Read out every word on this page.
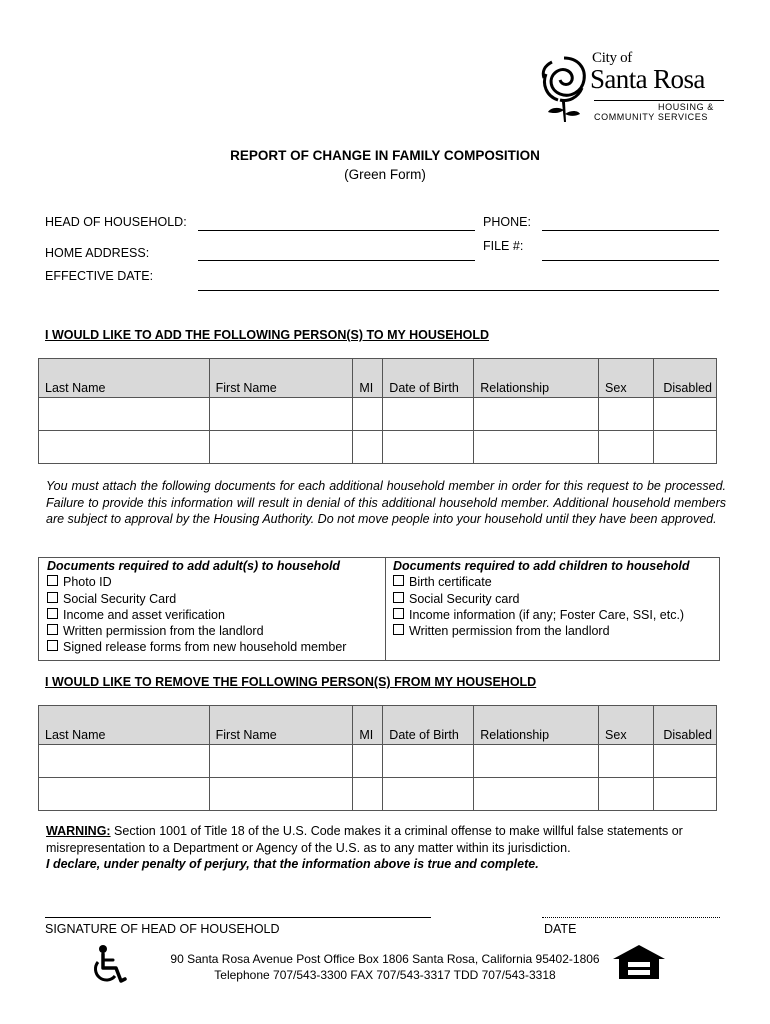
City of
Santa Rosa
HOUSING &
COMMUNITY SERVICES
REPORT OF CHANGE IN FAMILY COMPOSITION
(Green Form)
HEAD OF HOUSEHOLD:	PHONE:
FILE #:
HOME ADDRESS:
EFFECTIVE DATE:
I WOULD LIKE TO ADD THE FOLLOWING PERSON(S) TO MY HOUSEHOLD
Last Name	First Name	MI	Date of Birth	Relationship	Sex	Disabled

You must attach the following documents for each additional household member in order for this request to be processed. Failure to provide this information will result in denial of this additional household member. Additional household members are subject to approval by the Housing Authority. Do not move people into your household until they have been approved.
Documents required to add adult(s) to household
Photo ID
Social Security Card
Income and asset verification
Written permission from the landlord
Signed release forms from new household member
Documents required to add children to household
Birth certificate
Social Security card
Income information (if any; Foster Care, SSI, etc.)
Written permission from the landlord
I WOULD LIKE TO REMOVE THE FOLLOWING PERSON(S) FROM MY HOUSEHOLD
Last Name	First Name	MI	Date of Birth	Relationship	Sex	Disabled

WARNING: Section 1001 of Title 18 of the U.S. Code makes it a criminal offense to make willful false statements or misrepresentation to a Department or Agency of the U.S. as to any matter within its jurisdiction.
I declare, under penalty of perjury, that the information above is true and complete.
SIGNATURE OF HEAD OF HOUSEHOLD	DATE
90 Santa Rosa Avenue Post Office Box 1806 Santa Rosa, California 95402-1806
Telephone 707/543-3300 FAX 707/543-3317 TDD 707/543-3318
